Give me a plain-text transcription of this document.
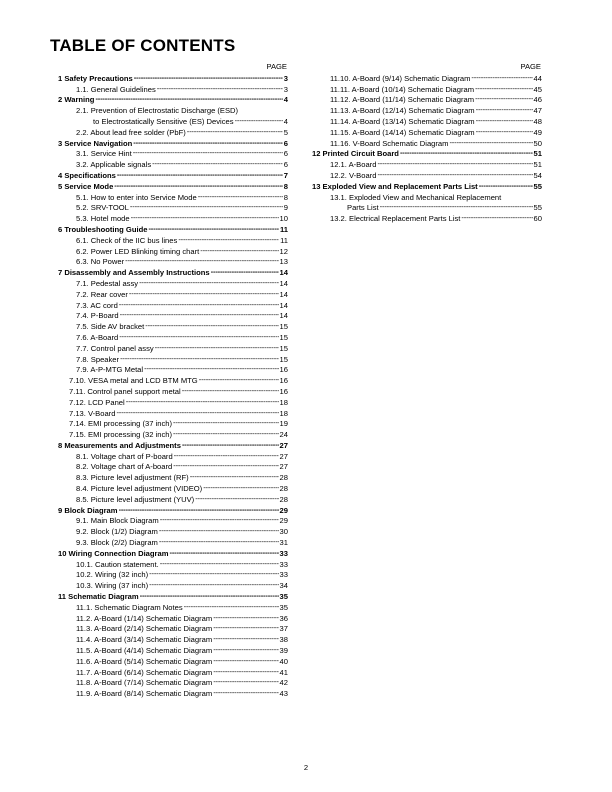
TABLE OF CONTENTS
PAGE
1 Safety Precautions -----	3
1.1. General Guidelines -----	3
2 Warning -----	4
2.1. Prevention of Electrostatic Discharge (ESD)
to Electrostatically Sensitive (ES) Devices -----	4
2.2. About lead free solder (PbF) -----	5
3 Service Navigation -----	6
3.1. Service Hint -----	6
3.2. Applicable signals -----	6
4 Specifications -----	7
5 Service Mode -----	8
5.1. How to enter into Service Mode -----	8
5.2. SRV-TOOL -----	9
5.3. Hotel mode -----	10
6 Troubleshooting Guide -----	11
6.1. Check of the IIC bus lines -----	11
6.2. Power LED Blinking timing chart -----	12
6.3. No Power -----	13
7 Disassembly and Assembly Instructions -----	14
7.1. Pedestal assy -----	14
7.2. Rear cover -----	14
7.3. AC cord -----	14
7.4. P-Board -----	14
7.5. Side AV bracket -----	15
7.6. A-Board -----	15
7.7. Control panel assy -----	15
7.8. Speaker -----	15
7.9. A-P-MTG Metal -----	16
7.10. VESA metal and LCD BTM MTG -----	16
7.11. Control panel support metal -----	16
7.12. LCD Panel -----	18
7.13. V-Board -----	18
7.14. EMI processing (37 inch) -----	19
7.15. EMI processing (32 inch) -----	24
8 Measurements and Adjustments -----	27
8.1. Voltage chart of P-board -----	27
8.2. Voltage chart of A-board -----	27
8.3. Picture level adjustment (RF) -----	28
8.4. Picture level adjustment (VIDEO) -----	28
8.5. Picture level adjustment (YUV) -----	28
9 Block Diagram -----	29
9.1. Main Block Diagram -----	29
9.2. Block (1/2) Diagram -----	30
9.3. Block (2/2) Diagram -----	31
10 Wiring Connection Diagram -----	33
10.1. Caution statement. -----	33
10.2. Wiring (32 inch) -----	33
10.3. Wiring (37 inch) -----	34
11 Schematic Diagram -----	35
11.1. Schematic Diagram Notes -----	35
11.2. A-Board (1/14) Schematic Diagram -----	36
11.3. A-Board (2/14) Schematic Diagram -----	37
11.4. A-Board (3/14) Schematic Diagram -----	38
11.5. A-Board (4/14) Schematic Diagram -----	39
11.6. A-Board (5/14) Schematic Diagram -----	40
11.7. A-Board (6/14) Schematic Diagram -----	41
11.8. A-Board (7/14) Schematic Diagram -----	42
11.9. A-Board (8/14) Schematic Diagram -----	43
PAGE
11.10. A-Board (9/14) Schematic Diagram -----	44
11.11. A-Board (10/14) Schematic Diagram -----	45
11.12. A-Board (11/14) Schematic Diagram -----	46
11.13. A-Board (12/14) Schematic Diagram -----	47
11.14. A-Board (13/14) Schematic Diagram -----	48
11.15. A-Board (14/14) Schematic Diagram -----	49
11.16. V-Board Schematic Diagram -----	50
12 Printed Circuit Board -----	51
12.1. A-Board -----	51
12.2. V-Board -----	54
13 Exploded View and Replacement Parts List -----	55
13.1. Exploded View and Mechanical Replacement
Parts List -----	55
13.2. Electrical Replacement Parts List -----	60
2
